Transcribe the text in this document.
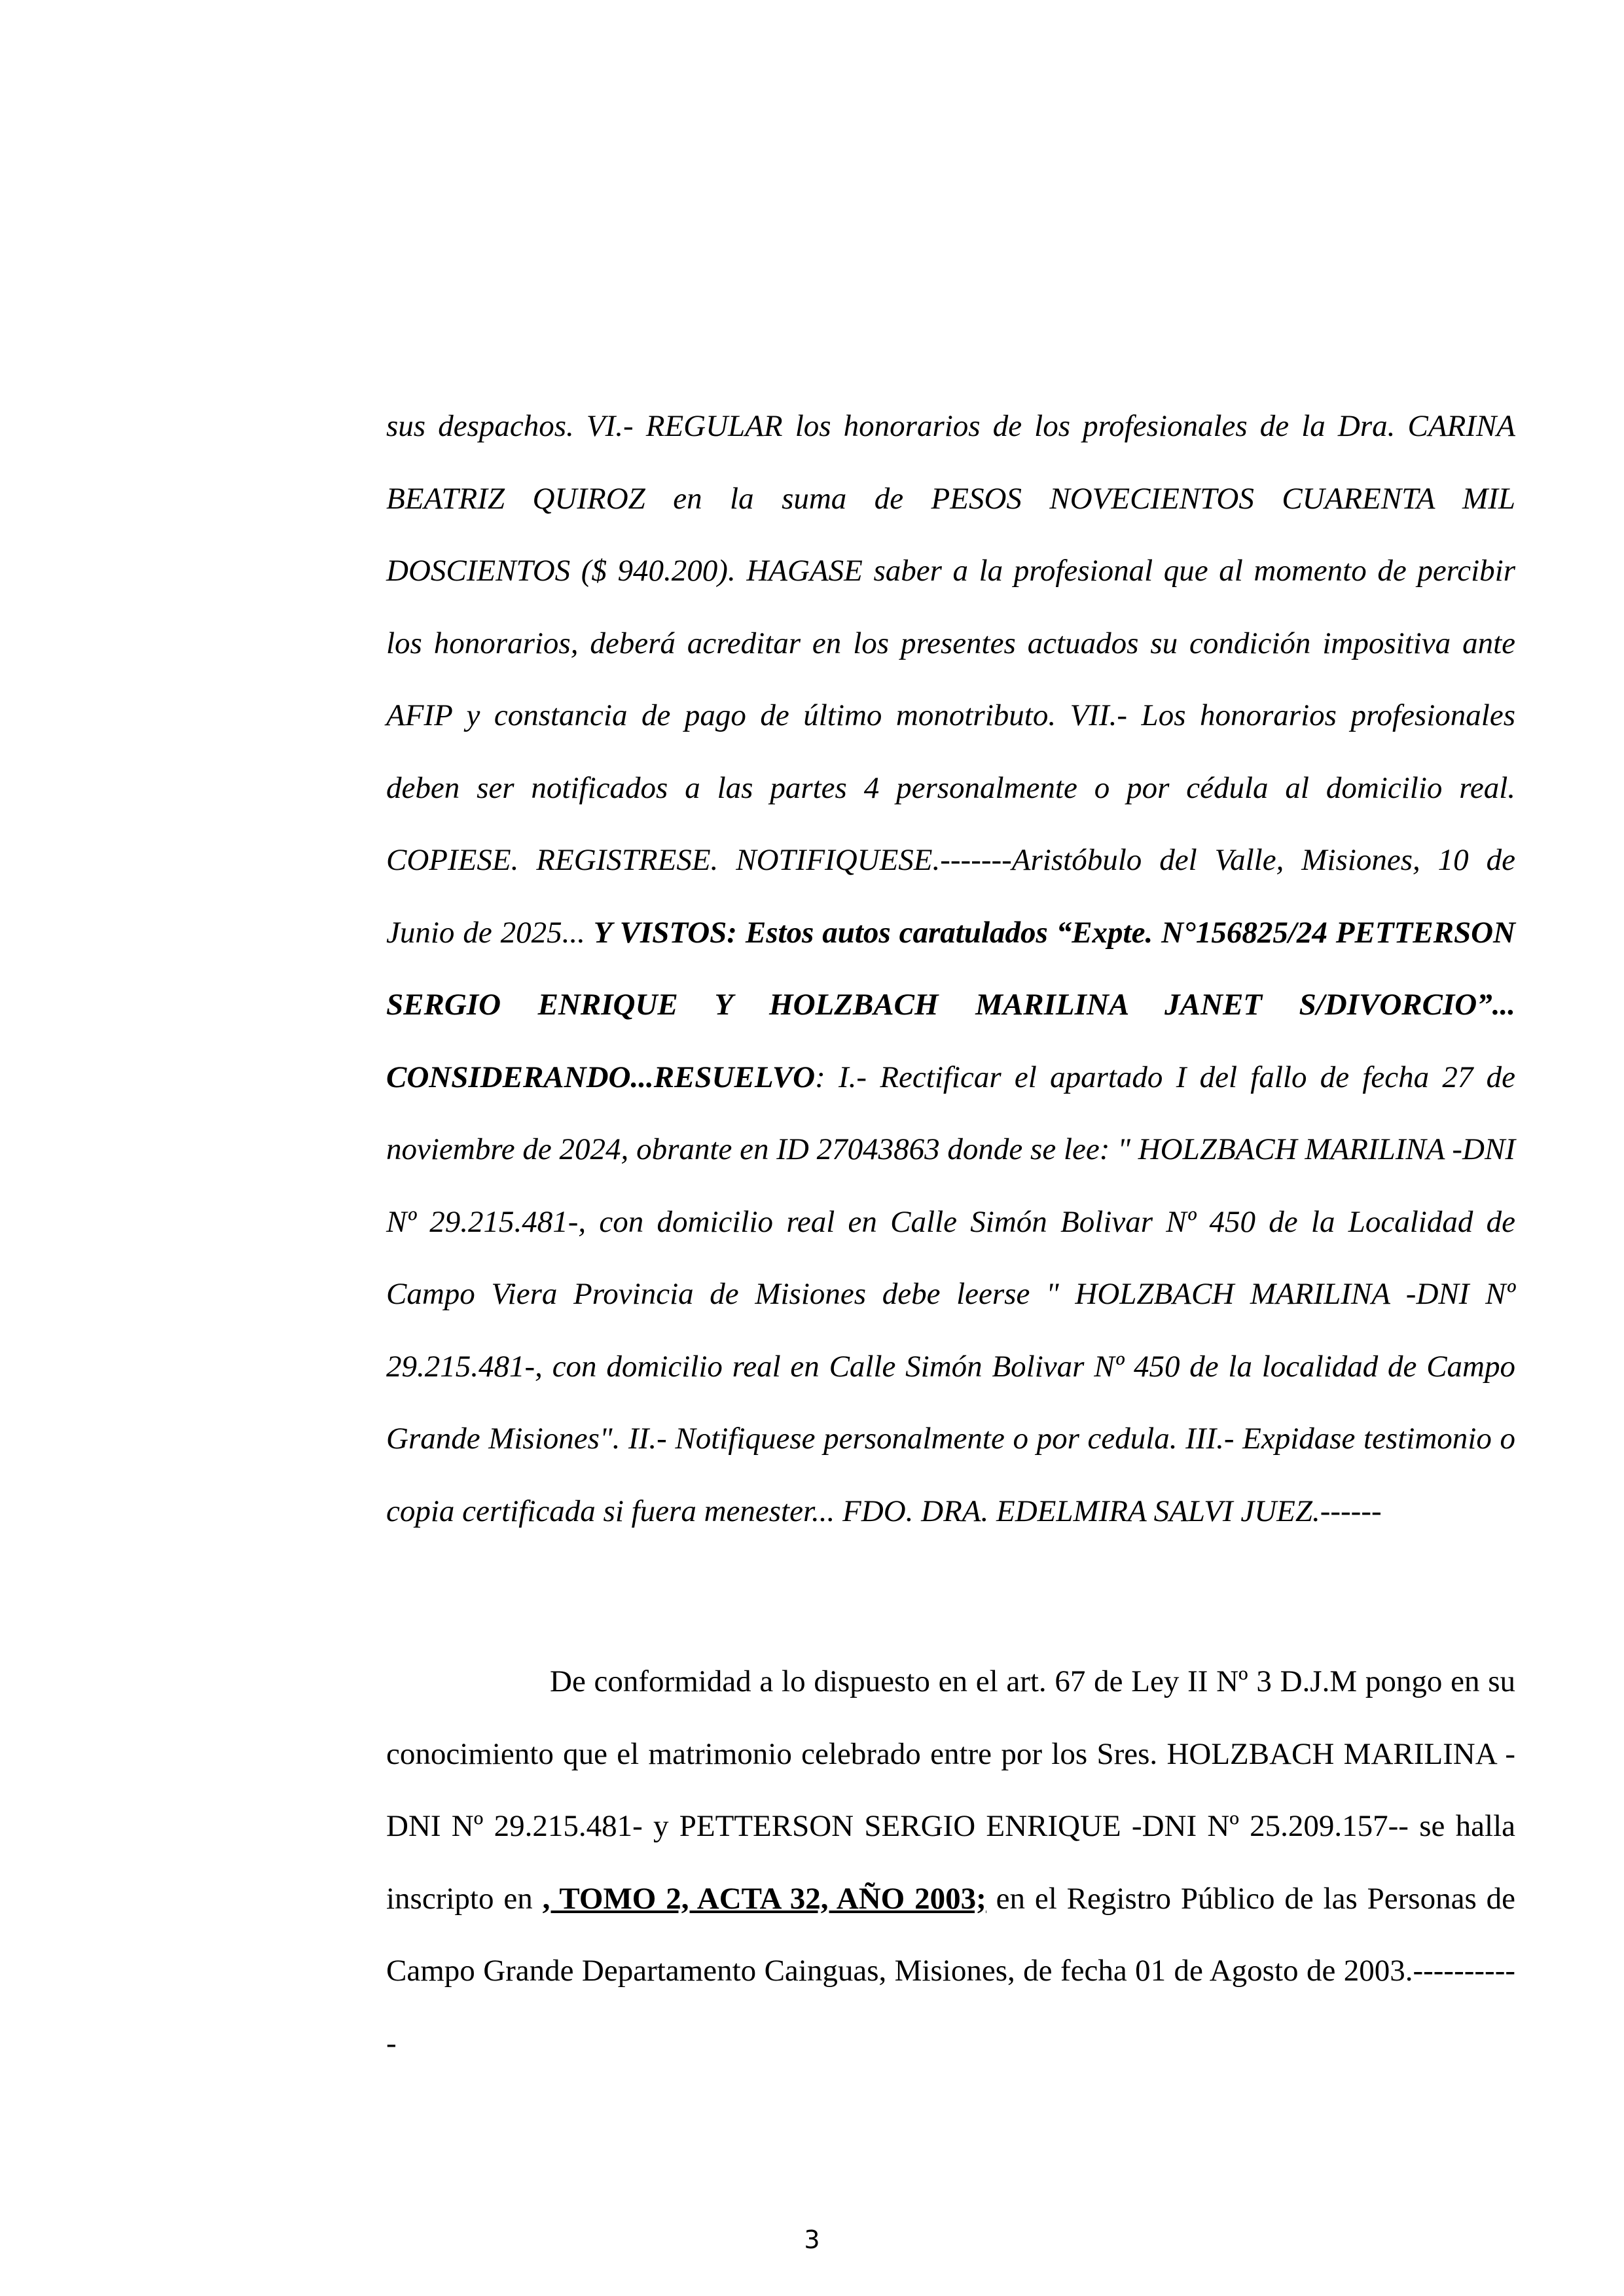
sus despachos. VI.- REGULAR los honorarios de los profesionales de la Dra. CARINA BEATRIZ QUIROZ en la suma de PESOS NOVECIENTOS CUARENTA MIL DOSCIENTOS ($ 940.200). HAGASE saber a la profesional que al momento de percibir los honorarios, deberá acreditar en los presentes actuados su condición impositiva ante AFIP y constancia de pago de último monotributo. VII.- Los honorarios profesionales deben ser notificados a las partes 4 personalmente o por cédula al domicilio real. COPIESE. REGISTRESE. NOTIFIQUESE.-------Aristóbulo del Valle, Misiones, 10 de Junio de 2025... Y VISTOS: Estos autos caratulados “Expte. N°156825/24 PETTERSON SERGIO ENRIQUE Y HOLZBACH MARILINA JANET S/DIVORCIO”... CONSIDERANDO...RESUELVO: I.- Rectificar el apartado I del fallo de fecha 27 de noviembre de 2024, obrante en ID 27043863 donde se lee: " HOLZBACH MARILINA -DNI Nº 29.215.481-, con domicilio real en Calle Simón Bolivar Nº 450 de la Localidad de Campo Viera Provincia de Misiones debe leerse " HOLZBACH MARILINA -DNI Nº 29.215.481-, con domicilio real en Calle Simón Bolivar Nº 450 de la localidad de Campo Grande Misiones". II.- Notifiquese personalmente o por cedula. III.- Expidase testimonio o copia certificada si fuera menester... FDO. DRA. EDELMIRA SALVI JUEZ.------

De conformidad a lo dispuesto en el art. 67 de Ley II Nº 3 D.J.M pongo en su conocimiento que el matrimonio celebrado entre por los Sres. HOLZBACH MARILINA -DNI Nº 29.215.481- y PETTERSON SERGIO ENRIQUE -DNI Nº 25.209.157-- se halla inscripto en , TOMO 2, ACTA 32, AÑO 2003; en el Registro Público de las Personas de Campo Grande Departamento Cainguas, Misiones, de fecha 01 de Agosto de 2003.-----------

3
